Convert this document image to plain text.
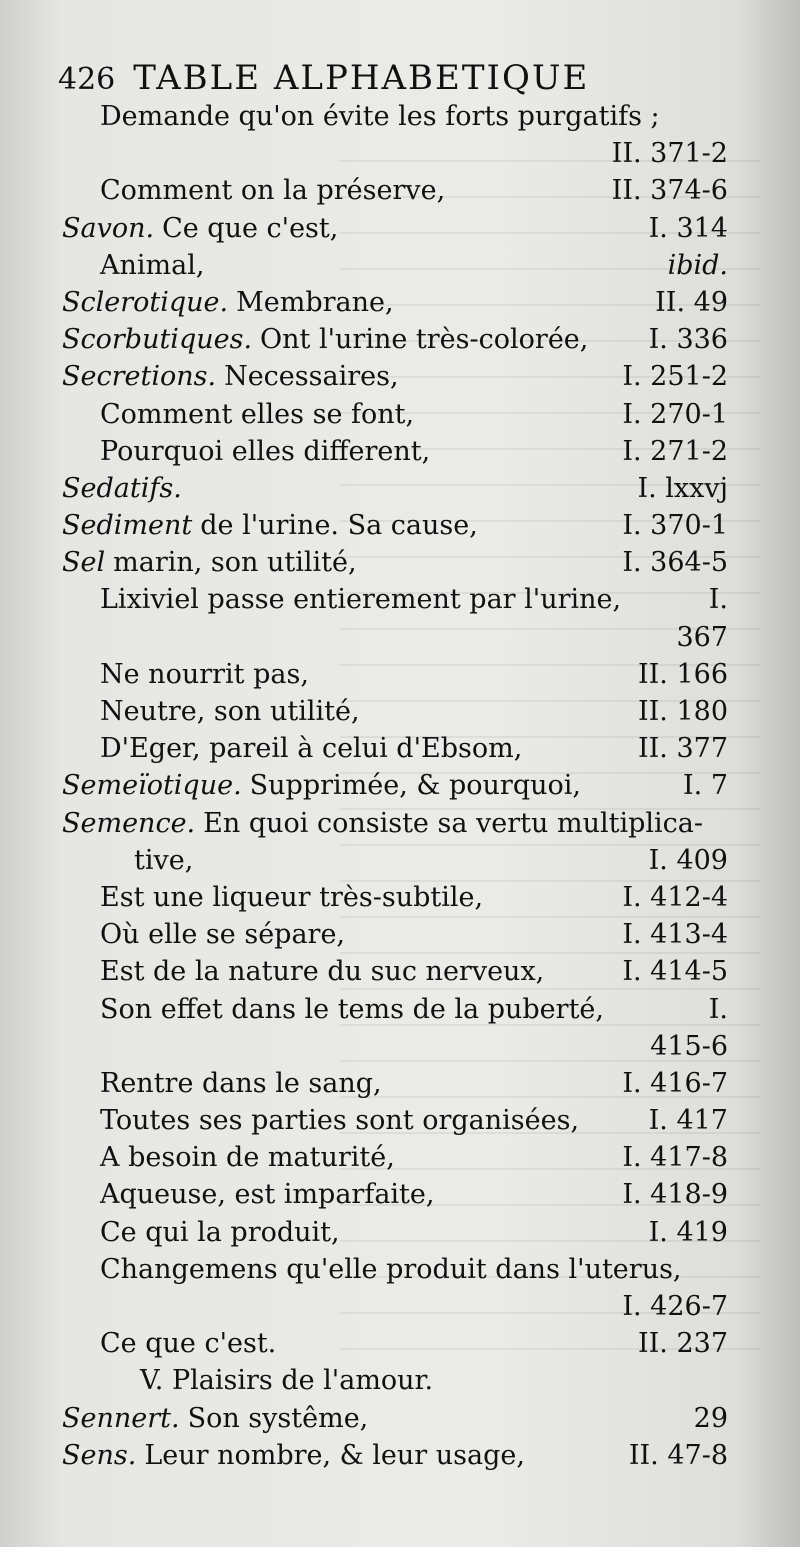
426 TABLE ALPHABETIQUE
Demande qu'on évite les forts purgatifs ;
II. 371-2
Comment on la préserve,	II. 374-6
Savon. Ce que c'est,	I. 314
Animal,	ibid.
Sclerotique. Membrane,	II. 49
Scorbutiques. Ont l'urine très-colorée, I. 336
Secretions. Necessaires,	I. 251-2
Comment elles se font,	I. 270-1
Pourquoi elles different,	I. 271-2
Sedatifs.	I. lxxvj
Sediment de l'urine. Sa cause,	I. 370-1
Sel marin, son utilité,	I. 364-5
Lixiviel passe entierement par l'urine,	I.
367
Ne nourrit pas,	II. 166
Neutre, son utilité,	II. 180
D'Eger, pareil à celui d'Ebsom,	II. 377
Semeïotique. Supprimée, & pourquoi,	I. 7
Semence. En quoi consiste sa vertu multiplica-
tive,	I. 409
Est une liqueur très-subtile,	I. 412-4
Où elle se sépare,	I. 413-4
Est de la nature du suc nerveux,	I. 414-5
Son effet dans le tems de la puberté,	I.
415-6
Rentre dans le sang,	I. 416-7
Toutes ses parties sont organisées,	I. 417
A besoin de maturité,	I. 417-8
Aqueuse, est imparfaite,	I. 418-9
Ce qui la produit,	I. 419
Changemens qu'elle produit dans l'uterus,
I. 426-7
Ce que c'est.	II. 237
V. Plaisirs de l'amour.
Sennert. Son systême,	29
Sens. Leur nombre, & leur usage,	II. 47-8
